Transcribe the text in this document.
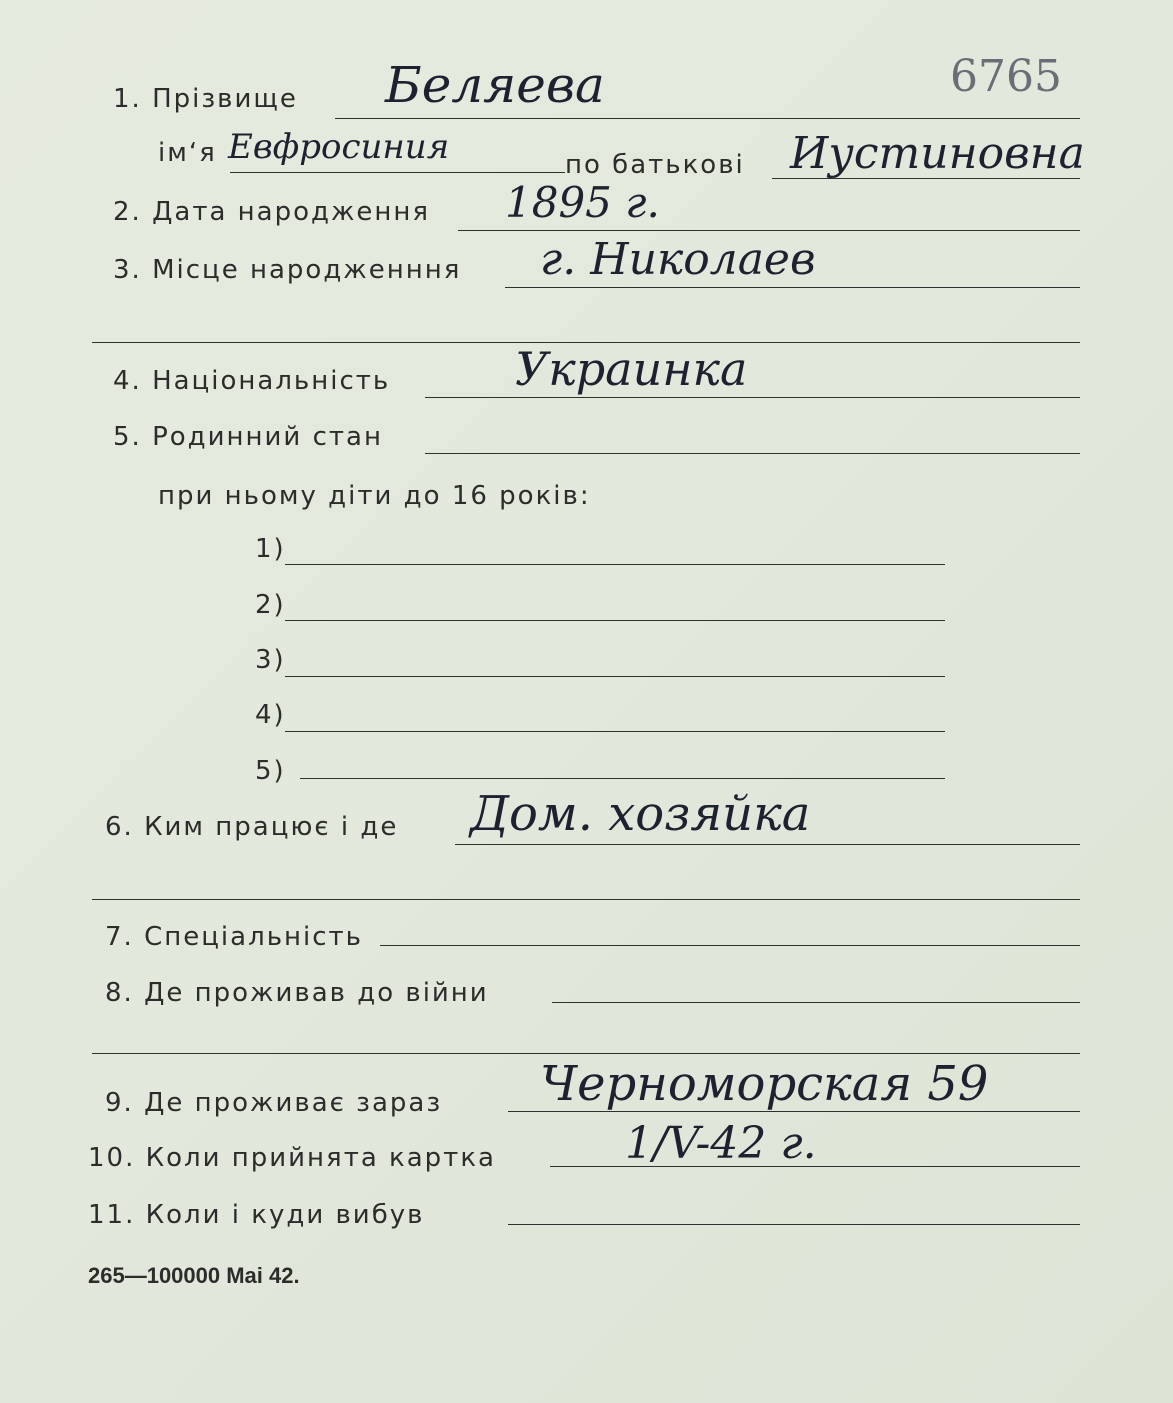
6765
1. Прізвище Беляева
ім‘я Евфросиния	по батькові Иустиновна
2. Дата народження 1895 г.
3. Місце народженння г. Николаев
4. Національність	Украинка
5. Родинний стан
при ньому діти до 16 років:
1)
2)
3)
4)
5)
6. Ким працює і де Дом. хозяйка
7. Спеціальність
8. Де проживав до війни
9. Де проживає зараз Черноморская 59
10. Коли прийнята картка	1/V-42 г.
11. Коли і куди вибув
265—100000 Mai 42.
